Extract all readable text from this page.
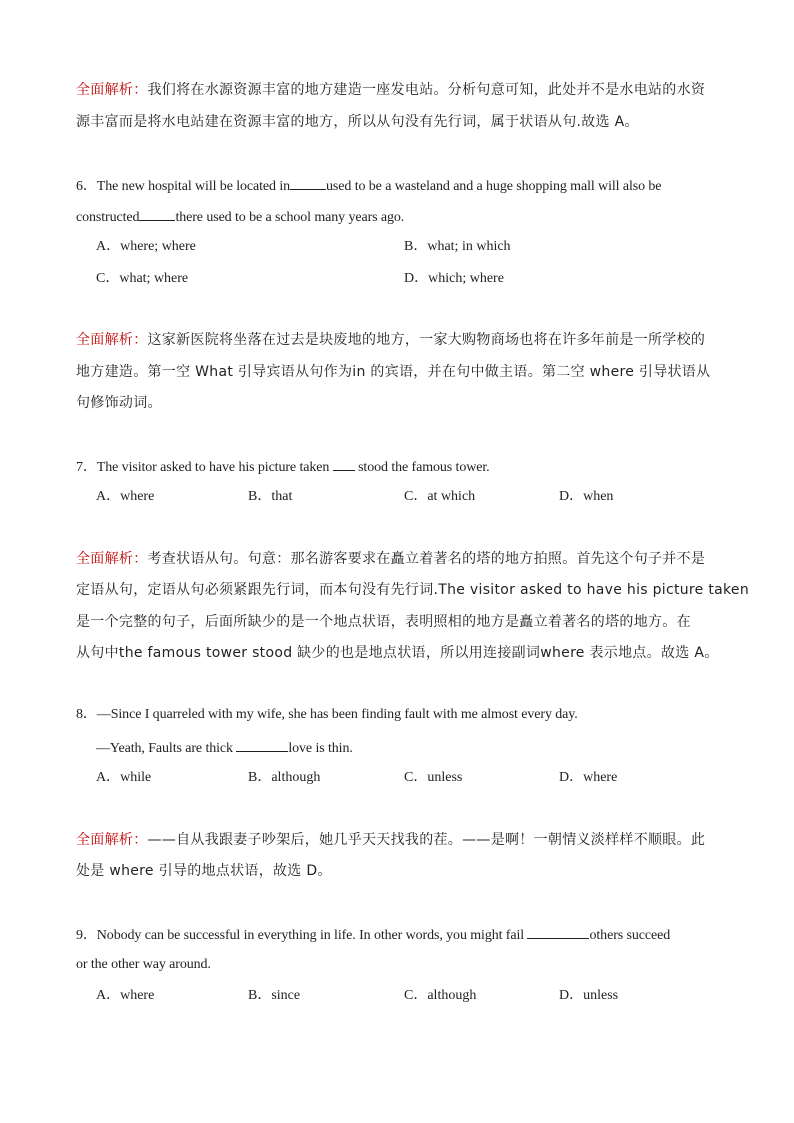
全面解析：我们将在水源资源丰富的地方建造一座发电站。分析句意可知，此处并不是水电站的水资
源丰富而是将水电站建在资源丰富的地方，所以从句没有先行词，属于状语从句.故选 A。
6．The new hospital will be located in	used to be a wasteland and a huge shopping mall will also be
constructed	there used to be a school many years ago.
A．where; where	B．what; in which
C．what; where	D．which; where
全面解析：这家新医院将坐落在过去是块废地的地方，一家大购物商场也将在许多年前是一所学校的
地方建造。第一空 What 引导宾语从句作为in 的宾语，并在句中做主语。第二空 where 引导状语从
句修饰动词。
7．The visitor asked to have his picture taken stood the famous tower.
A．where	B．that	C．at which	D．when
全面解析：考查状语从句。句意：那名游客要求在矗立着著名的塔的地方拍照。首先这个句子并不是
定语从句，定语从句必须紧跟先行词，而本句没有先行词.The visitor asked to have his picture taken
是一个完整的句子，后面所缺少的是一个地点状语，表明照相的地方是矗立着著名的塔的地方。在
从句中the famous tower stood 缺少的也是地点状语，所以用连接副词where 表示地点。故选 A。
8．—Since I quarreled with my wife, she has been finding fault with me almost every day.
—Yeath, Faults are thick	love is thin.
A．while	B．although	C．unless	D．where
全面解析：——自从我跟妻子吵架后，她几乎天天找我的茬。——是啊！一朝情义淡样样不顺眼。此
处是 where 引导的地点状语，故选 D。
9．Nobody can be successful in everything in life. In other words, you might fail	others succeed
or the other way around.
A．where	B．since	C．although	D．unless
